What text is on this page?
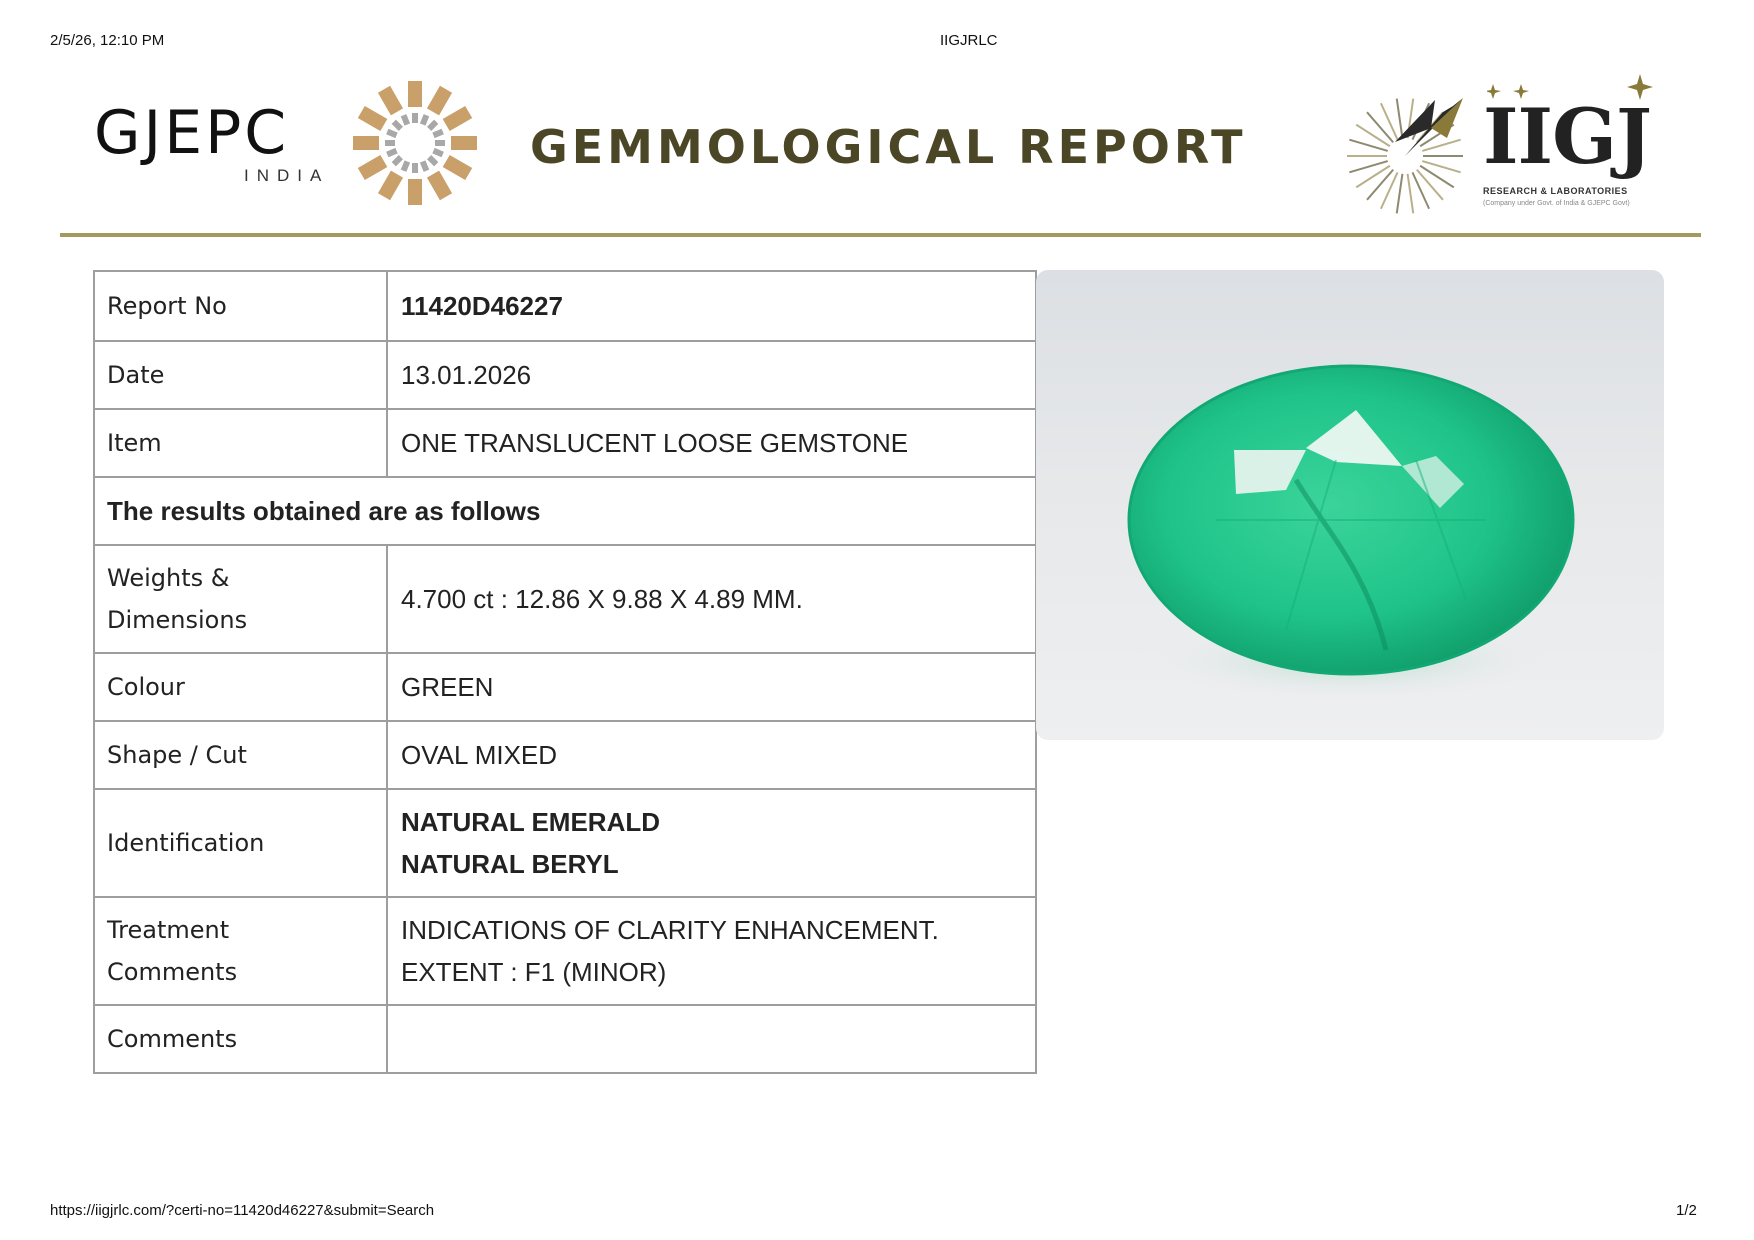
2/5/26, 12:10 PM	IIGJRLC
GJEPC
INDIA
GEMMOLOGICAL REPORT	IIGJ
RESEARCH & LABORATORIES
(Company under Govt. of India & GJEPC Govt)
Report No	11420D46227
Date	13.01.2026
Item	ONE TRANSLUCENT LOOSE GEMSTONE
The results obtained are as follows	

Weights &
Dimensions	4.700 ct : 12.86 X 9.88 X 4.89 MM.
Colour	GREEN
Shape / Cut	OVAL MIXED
Identification	NATURAL EMERALD
NATURAL BERYL

Treatment
Comments	INDICATIONS OF CLARITY ENHANCEMENT.
EXTENT : F1 (MINOR)

Comments	
https://iigjrlc.com/?certi-no=11420d46227&submit=Search	1/2
